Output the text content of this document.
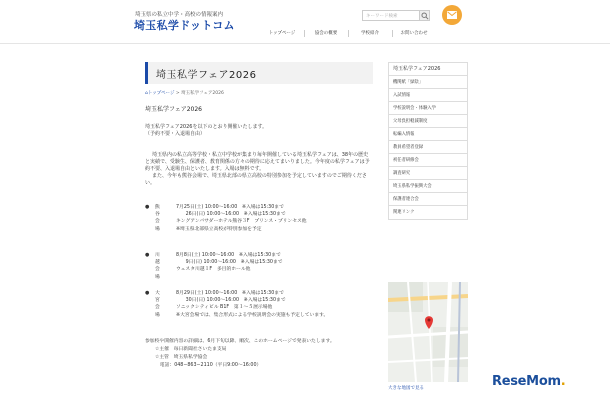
埼玉県の私立中学・高校の情報案内
埼玉私学ドットコム
キーワード検索
トップページ	協会の概要	学校紹介	お問い合わせ
埼玉私学フェア2026
⌂トップページ > 埼玉私学フェア2026
埼玉私学フェア2026
埼玉私学フェア2026を以下のとおり開催いたします。
（予約不要・入退場自由）
埼玉県内の私立高等学校・私立中学校が集まり毎年開催している埼玉私学フェアは、38年の歴史と実績で、受験生、保護者、教育関係の方々の期待に応えてまいりました。今年度の私学フェアは予約不要、入退場自由といたします。入場は無料です。
また、今年も熊谷会場で、埼玉県北部の県立高校の特別参加を予定していますのでご期待ください。
● 熊谷会場
7月25日(土) 10:00〜16:00　※入場は15:30まで
　　26日(日) 10:00〜16:00　※入場は15:30まで
キングアンバサダーホテル熊谷３F　プリンス・プリンセス他
※埼玉県北部県立高校が特別参加を予定
● 川越会場
8月8日(土) 10:00〜16:00　※入場は15:30まで
　　9日(日) 10:00〜16:00　※入場は15:30まで
ウェスタ川越１F　多目的ホール他
● 大宮会場
8月29日(土) 10:00〜16:00　※入場は15:30まで
　　30日(日) 10:00〜16:00　※入場は15:30まで
ソニックシティビル B1F　第１〜５展示場他
※大宮会場では、集合形式による学校説明会の実施も予定しています。
参加校や開催内容の詳細は、6月下旬以降、順次、このホームページで発表いたします。
☆主催　毎日新聞社さいたま支局
☆主管　埼玉県私学協会
　電話：048−863−2110（平日9:00〜16:00）
埼玉私学フェア2026
機関紙「緑陰」
入試情報
学校説明会・体験入学
父母負担軽減制度
転編入情報
教員希望者登録
初任者研修会
調査研究
埼玉県私学振興大会
保護者連合会
関連リンク
大きな地図で見る	ReseMom.
